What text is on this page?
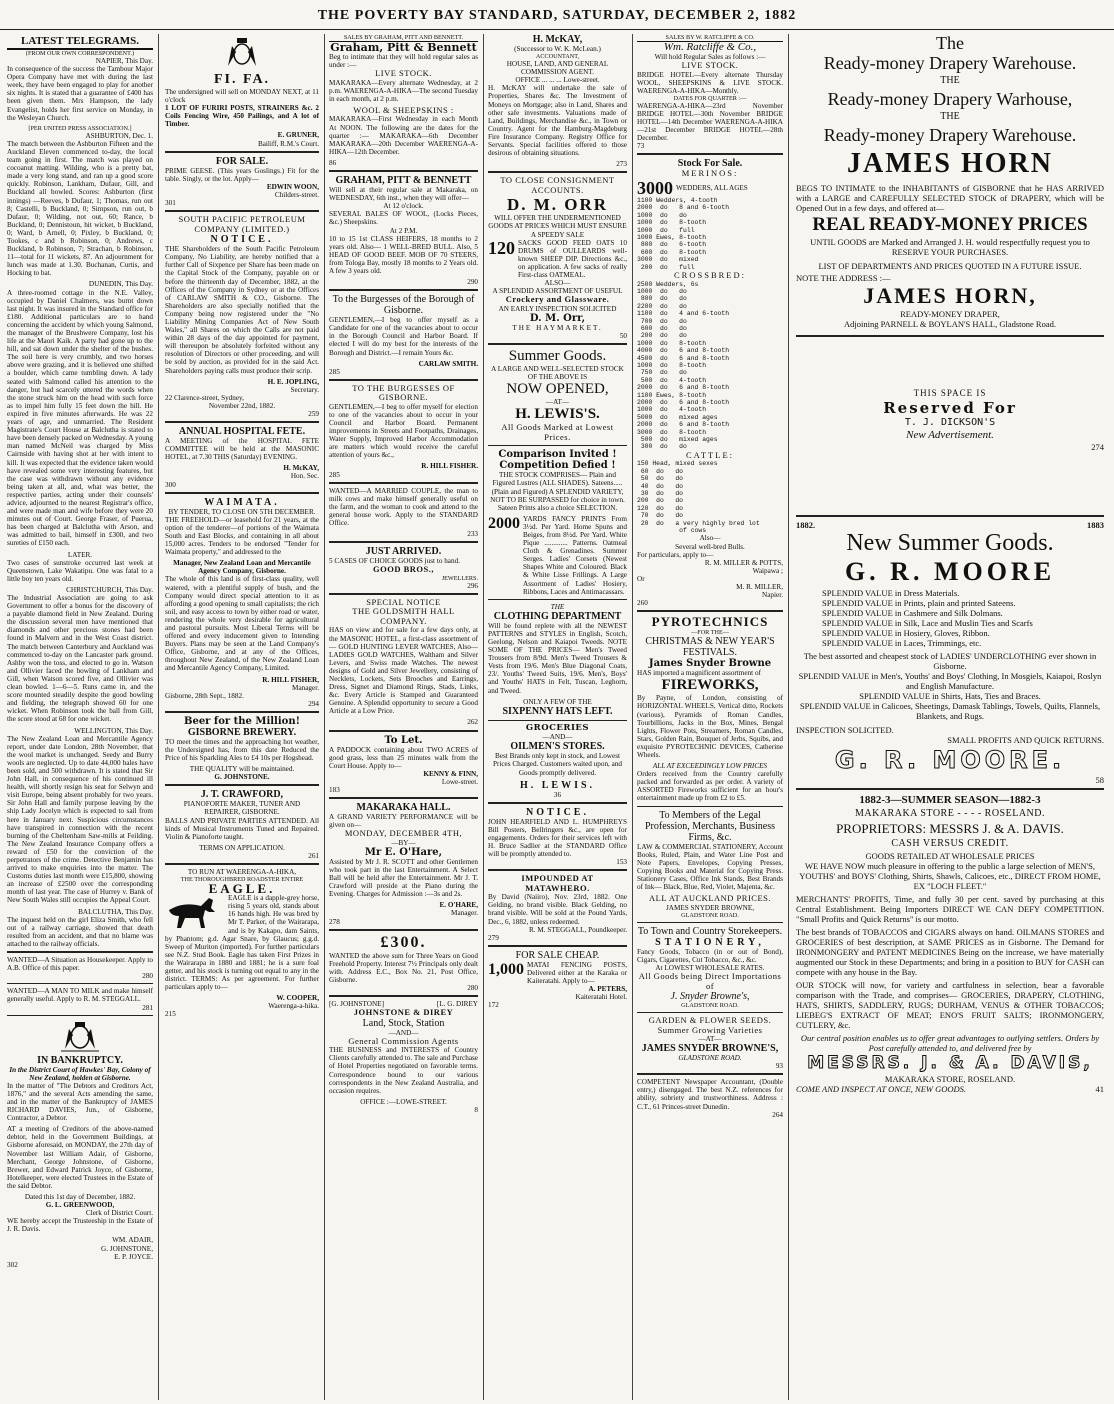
THE POVERTY BAY STANDARD, SATURDAY, DECEMBER 2, 1882
LATEST TELEGRAMS.
(FROM OUR OWN CORRESPONDENT.)
NAPIER, This Day.
In consequence of the success the Tambour Major Opera Company have met with during the last week, they have been engaged to play for another six nights. It is stated that a guarantee of £400 has been given them. Mrs Hampson, the lady Evangelist, holds her first service on Monday, in the Wesleyan Church.
[PER UNITED PRESS ASSOCIATION.]
ASHBURTON, Dec. 1.
The match between the Ashburton Fifteen and the Auckland Eleven commenced to-day, the local team going in first. The match was played on cocoanut matting. Wilding, who is a pretty bat, made a very long stand, and ran up a good score quickly. Robinson, Lankham, Dufaur, Gill, and Buckland all bowled. Scores: Ashburton (first innings) —Reeves, b Dufaur, 1; Thomas, run out 8; Castelli, b Buckland, 0; Simpson, run out, b Dufaur, 0; Wilding, not out, 60; Rance, b Buckland, 0; Dennistoun, hit wicket, b Buckland, 0; Ward, b Arnell, 0; Pixley, b Buckland, 0; Tookes, c and b Robinson, 0; Andrews, c Buckland, b Robinson, 7; Strachan, b Robinson, 11—total for 11 wickets, 87. An adjournment for lunch was made at 1.30. Buchanan, Curtis, and Hocking to bat.
DUNEDIN, This Day.
A three-roomed cottage in the N.E. Valley, occupied by Daniel Chalmers, was burnt down last night. It was insured in the Standard office for £180. Additional particulars are to hand concerning the accident by which young Salmond, the manager of the Brushwere Company, lost his life at the Maori Kaik. A party had gone up to the hill, and sat down under the shelter of the bushes. The soil here is very crumbly, and two horses above were grazing, and it is believed one shifted a boulder, which came tumbling down. A lady seated with Salmond called his attention to the danger, but had scarcely uttered the words when the stone struck him on the head with such force as to impel him fully 15 feet down the hill. He expired in five minutes afterwards. He was 22 years of age, and unmarried. The Resident Magistrate's Court House at Balclutha is stated to have been densely packed on Wednesday. A young man named McNeil was charged by Miss Cairnside with having shot at her with intent to kill. It was expected that the evidence taken would have revealed some very interesting features, but the case was withdrawn without any evidence being taken at all, and, what was better, the respective parties, acting under their counsels' advice, adjourned to the nearest Registrar's office, and were made man and wife before they were 20 minutes out of Court. George Fraser, of Puerua, has been charged at Balclutha with Arson, and was admitted to bail, himself in £300, and two sureties of £150 each.
LATER.
Two cases of sunstroke occurred last week at Queenstown, Lake Wakatipu. One was fatal to a little boy ten years old.
CHRISTCHURCH, This Day.
The Industrial Association are going to ask Government to offer a bonus for the discovery of a payable diamond field in New Zealand. During the discussion several men have mentioned that diamonds and other precious stones had been found in Malvern and in the West Coast district. The match between Canterbury and Auckland was commenced to-day on the Lancaster park ground. Ashby won the toss, and elected to go in. Watson and Ollivier faced the bowling of Lankham and Gill, when Watson scored five, and Ollivier was clean bowled. 1—6—5. Runs came in, and the score mounted steadily despite the good bowling and fielding, the telegraph showed 60 for one wicket. When Robinson took the ball from Gill, the score stood at 68 for one wicket.
WELLINGTON, This Day.
The New Zealand Loan and Mercantile Agency report, under date London, 28th November, that the wool market is unchanged. Seedy and Burry wools are neglected. Up to date 44,000 bales have been sold, and 500 withdrawn. It is stated that Sir John Hall, in consequence of his continued ill health, will shortly resign his seat for Selwyn and visit Europe, being absent probably for two years. Sir John Hall and family purpose leaving by the ship Lady Jocelyn which is expected to sail from here in January next. Suspicious circumstances have transpired in connection with the recent burning of the Cheltenham Saw-mills at Feilding. The New Zealand Insurance Company offers a reward of £50 for the conviction of the perpetrators of the crime. Detective Benjamin has arrived to make enquiries into the matter. The Customs duties last month were £15,800, showing an increase of £2500 over the corresponding month of last year. The case of Hurrey v. Bank of New South Wales still occupies the Appeal Court.
BALCLUTHA, This Day.
The inquest held on the girl Eliza Smith, who fell out of a railway carriage, showed that death resulted from an accident, and that no blame was attached to the railway officials.
WANTED—A Situation as Housekeeper. Apply to A.B. Office of this paper.
280
WANTED—A MAN TO MILK and make himself generally useful. Apply to R. M. STEGGALL.
281
IN BANKRUPTCY.
In the District Court of Hawkes' Bay, Colony of New Zealand, holden at Gisborne.
In the matter of "The Debtors and Creditors Act, 1876," and the several Acts amending the same, and in the matter of the Bankruptcy of JAMES RICHARD DAVIES, Jun., of Gisborne, Contractor, a Debtor.
AT a meeting of Creditors of the above-named debtor, held in the Government Buildings, at Gisborne aforesaid, on MONDAY, the 27th day of November last William Adair, of Gisborne, Merchant, George Johnstone, of Gisborne, Brewer, and Edward Patrick Joyce, of Gisborne, Hotelkeeper, were elected Trustees in the Estate of the said Debtor.
Dated this 1st day of December, 1882.
G. L. GREENWOOD,
Clerk of District Court.
WE hereby accept the Trusteeship in the Estate of J. R. Davis.
WM. ADAIR,
G. JOHNSTONE,
E. P. JOYCE.
302
FI. FA.
The undersigned will sell on MONDAY NEXT, at 11 o'clock
1 LOT OF FURIRI POSTS, STRAINERS &c. 2 Coils Fencing Wire, 450 Pailings, and A lot of Timber.
E. GRUNER,
Bailiff, R.M.'s Court.
FOR SALE.
PRIME GEESE. (This years Goslings.) Fit for the table. Singly, or the lot. Apply—
EDWIN WOON,
Childers-street.
301
SOUTH PACIFIC PETROLEUM COMPANY (LIMITED.)
NOTICE.
THE Shareholders of the South Pacific Petroleum Company, No Liability, are hereby notified that a further Call of Sixpence per Share has been made on the Capital Stock of the Company, payable on or before the thirteenth day of December, 1882, at the Offices of the Company in Sydney or at the Offices of CARLAW SMITH & CO., Gisborne. The Shareholders are also specially notified that the Company being now registered under the "No Liability Mining Companies Act of New South Wales," all Shares on which the Calls are not paid within 28 days of the day appointed for payment, will thereupon be absolutely forfeited without any resolution of Directors or other proceeding, and will be sold by auction, as provided for in the said Act. Shareholders paying calls must produce their scrip.
H. E. JOPLING,
Secretary.
22 Clarence-street, Sydney,
November 22nd, 1882.
259
ANNUAL HOSPITAL FETE.
A MEETING of the HOSPITAL FETE COMMITTEE will be held at the MASONIC HOTEL, at 7.30 THIS (Saturday) EVENING.
H. McKAY,
Hon. Sec.
300
WAIMATA.
BY TENDER, TO CLOSE ON 5TH DECEMBER.
THE FREEHOLD—or leasehold for 21 years, at the option of the tenderer—of portions of the Waimata South and East Blocks, and containing in all about 15,000 acres. Tenders to be endorsed "Tender for Waimata property," and addressed to the
Manager, New Zealand Loan and Mercantile Agency Company, Gisborne.
The whole of this land is of first-class quality, well watered, with a plentiful supply of bush, and the Company would direct special attention to it as affording a good opening to small capitalists; the rich soil, and easy access to town by either road or water, rendering the whole very desirable for agricultural and pastoral pursuits. Most Liberal Terms will be offered and every inducement given to Intending Buyers. Plans may be seen at the Land Company's Office, Gisborne, and at any of the Offices, throughout New Zealand, of the New Zealand Loan and Mercantile Agency Company, Limited.
R. HILL FISHER,
Manager.
Gisborne, 28th Sept., 1882.
294
Beer for the Million!
GISBORNE BREWERY.
TO meet the times and the approaching hot weather, the Undersigned has, from this date Reduced the Price of his Sparkling Ales to £4 10s per Hogshead.
THE QUALITY will be maintained.
G. JOHNSTONE.
J. T. CRAWFORD,
PIANOFORTE MAKER, TUNER AND REPAIRER, GISBORNE.
BALLS AND PRIVATE PARTIES ATTENDED. All kinds of Musical Instruments Tuned and Repaired. Violin & Pianoforte taught.
TERMS ON APPLICATION.
261
TO RUN AT WAERENGA-A-HIKA,
THE THOROUGHBRED ROADSTER ENTIRE
EAGLE.
EAGLE is a dapple-grey horse, rising 5 years old, stands about 16 hands high. He was bred by Mr T. Parker, of the Wairarapa, and is by Kakapo, dam Saints, by Phantom; g.d. Agar Snare, by Glaucus; g.g.d. Sweep of Muriton (imported). For further particulars see N.Z. Stud Book. Eagle has taken First Prizes in the Wairarapa in 1880 and 1881; he is a sure foal getter, and his stock is turning out equal to any in the district. TERMS: As per agreement. For further particulars apply to—
W. COOPER,
Waerenga-a-hika.
215
SALES BY GRAHAM, PITT AND BENNETT.
Graham, Pitt & Bennett
Beg to intimate that they will hold regular sales as under :—
LIVE STOCK.
MAKARAKA—Every alternate Wednesday, at 2 p.m. WAERENGA-A-HIKA—The second Tuesday in each month, at 2 p.m.
WOOL & SHEEPSKINS :
MAKARAKA—First Wednesday in each Month At NOON. The following are the dates for the quarter :— MAKARAKA—6th December MAKARAKA—20th December WAERENGA-A-HIKA—12th December.
86
GRAHAM, PITT & BENNETT
Will sell at their regular sale at Makaraka, on WEDNESDAY, 6th inst., when they will offer—
At 12 o'clock.
SEVERAL BALES OF WOOL, (Locks Pieces, &c.) Sheepskins.
At 2 P.M.
10 to 15 1st CLASS HEIFERS, 18 months to 2 years old. Also— 1 WELL-BRED BULL. Also, 5 HEAD OF GOOD BEEF. MOB OF 70 STEERS, from Tologa Bay, mostly 18 months to 2 Years old. A few 3 years old.
290
To the Burgesses of the Borough of Gisborne.
GENTLEMEN,—I beg to offer myself as a Candidate for one of the vacancies about to occur in the Borough Council and Harbor Board. If elected I will do my best for the interests of the Borough and District.—I remain Yours &c.
CARLAW SMITH.
285
TO THE BURGESSES OF GISBORNE.
GENTLEMEN,—I beg to offer myself for election to one of the vacancies about to occur in your Council and Harbor Board. Permanent improvements in Streets and Footpaths, Drainages, Water Supply, Improved Harbor Accommodation are matters which would receive the careful attention of yours &c.,
R. HILL FISHER.
285
WANTED—A MARRIED COUPLE, the man to milk cows and make himself generally useful on the farm, and the woman to cook and attend to the general house work. Apply to the STANDARD Office.
233
JUST ARRIVED.
5 CASES OF CHOICE GOODS just to hand.
GOOD BROS.,
JEWELLERS.
296
SPECIAL NOTICE
THE GOLDSMITH HALL COMPANY.
HAS on view and for sale for a few days only, at the MASONIC HOTEL, a first-class assortment of— GOLD HUNTING LEVER WATCHES, Also— LADIES GOLD WATCHES, Waltham and Silver Levers, and Swiss made Watches. The newest designs of Gold and Silver Jewellery, consisting of Necklets, Lockets, Sets Brooches and Earrings, Dress, Signet and Diamond Rings, Stads, Links, &c. Every Article is Stamped and Guaranteed Genuine. A Splendid opportunity to secure a Good Article at a Low Price.
262
To Let.
A PADDOCK containing about TWO ACRES of good grass, less than 25 minutes walk from the Court House. Apply to—
KENNY & FINN,
Lowe-street.
183
MAKARAKA HALL.
A GRAND VARIETY PERFORMANCE will be given on—
MONDAY, DECEMBER 4TH,
—BY—
Mr E. O'Hare,
Assisted by Mr J. R. SCOTT and other Gentlemen who took part in the last Entertainment. A Select Ball will be held after the Entertainment. Mr J. T. Crawford will preside at the Piano during the Evening. Charges for Admission :—3s and 2s.
E. O'HARE,
Manager.
278
£300.
WANTED the above sum for Three Years on Good Freehold Property. Interest 7½ Principals only dealt with. Address E.C., Box No. 21, Post Office, Gisborne.
280
[G. JOHNSTONE]	[L. G. DIREY
JOHNSTONE & DIREY
Land, Stock, Station
—AND—
General Commission Agents
THE BUSINESS and INTERESTS of Country Clients carefully attended to. The sale and Purchase of Hotel Properties negotiated on favorable terms. Correspondence bound to our various correspondents in the New Zealand Australia, and occasion requires.
OFFICE :—LOWE-STREET.
8
H. McKAY,
(Successor to W. K. McLean.)
ACCOUNTANT,
HOUSE, LAND, AND GENERAL COMMISSION AGENT.
OFFICE ... ... ... Lowe-street.
H. McKAY will undertake the sale of Properties, Shares &c. The Investment of Moneys on Mortgage; also in Land, Shares and other safe investments. Valuations made of Land, Buildings, Merchandise &c., in Town or Country. Agent for the Hamburg-Magdeburg Fire Insurance Company. Registry Office for Servants. Special facilities offered to those desirous of obtaining situations.
273
TO CLOSE CONSIGNMENT ACCOUNTS.
D. M. ORR
WILL OFFER THE UNDERMENTIONED GOODS AT PRICES WHICH MUST ENSURE A SPEEDY SALE
120 SACKS GOOD FEED OATS 10 DRUMS of OULLEARDS well-known SHEEP DIP. Directions &c., on application. A few sacks of really First-class OATMEAL.
ALSO—
A SPLENDID ASSORTMENT OF USEFUL
Crockery and Glassware.
AN EARLY INSPECTION SOLICITED
D. M. Orr,
THE HAYMARKET.
50
Summer Goods.
A LARGE AND WELL-SELECTED STOCK OF THE ABOVE IS
NOW OPENED,
—AT—
H. LEWIS'S.
All Goods Marked at Lowest Prices.
Comparison Invited !
Competition Defied !
THE STOCK COMPRISES— Plain and Figured Lustres (ALL SHADES). Sateens.....(Plain and Figured) A SPLENDID VARIETY, NOT TO BE SURPASSED for choice in town. Sateen Prints also a choice SELECTION.
2000 YARDS FANCY PRINTS From 3½d. Per Yard. Home Spuns and Beiges, from 8½d. Per Yard. White Pique ............. Patterns. Oatmeal Cloth & Grenadines. Summer Serges. Ladies' Corsets (Newest Shapes White and Coloured. Black & White Lisse Frillings. A Large Assortment of Ladies' Hosiery, Ribbons, Laces and Antimacassars.
THE
CLOTHING DEPARTMENT
Will be found replete with all the NEWEST PATTERNS and STYLES in English, Scotch, Geelong, Nelson and Kaiapoi Tweeds. NOTE SOME OF THE PRICES— Men's Tweed Trousers from 8/9d. Men's Tweed Trousers & Vests from 19/6. Men's Blue Diagonal Coats, 23/. Youths' Tweed Suits, 19/6. Men's, Boys' and Youths' HATS in Felt, Tuscan, Leghorn, and Tweed.
ONLY A FEW OF THE
SIXPENNY HATS LEFT.
GROCERIES
—AND—
OILMEN'S STORES.
Best Brands only kept in stock, and Lowest Prices Charged. Customers waited upon, and Goods promptly delivered.
H. LEWIS.
36
NOTICE.
JOHN HEARFIELD AND L. HUMPHREYS Bill Posters, Bellringers &c., are open for engagements. Orders for their services left with H. Bruce Sadlier at the STANDARD Office will be promptly attended to.
153
IMPOUNDED AT MATAWHERO.
By David (Naiiro), Nov. 23rd, 1882. One Gelding, no brand visible. Black Gelding, no brand visible. Will be sold at the Pound Yards, Dec., 6, 1882, unless redeemed.
R. M. STEGGALL, Poundkeeper.
279
FOR SALE CHEAP.
1,000 MATAI FENCING POSTS, Delivered either at the Karaka or Kaiteratahi. Apply to—
A. PETERS,
Kaiteratahi Hotel.
172
SALES BY W. RATCLIFFE & CO.
Wm. Ratcliffe & Co.,
Will hold Regular Sales as follows :—
LIVE STOCK.
BRIDGE HOTEL—Every alternate Thursday WOOL, SHEEPSKINS & LIVE STOCK. WAERENGA-A-HIKA—Monthly.
DATES FOR QUARTER :—
WAERENGA-A-HIKA—23rd November BRIDGE HOTEL—30th November BRIDGE HOTEL—14th December WAERENGA-A-HIKA—21st December BRIDGE HOTEL—28th December.
73
Stock For Sale.
MERINOS:
3000 WEDDERS, ALL AGES
1100 Wedders, 4-tooth
2000  do   8 and 6-tooth
1000  do   do
1000  do   8-tooth
1000  do   full
1000 Ewes, 8-tooth
800  do   6-tooth
600  do   8-tooth
3000  do   mixed
200  do   full
CROSSBRED:
2500 Wedders, 6s
1000  do   do
800  do   do
2200  do   do
1100  do   4 and 6-tooth
700  do   do
600  do   do
200  do   do
1000  do   8-tooth
4000  do   6 and 8-tooth
4500  do   6 and 8-tooth
1000  do   8-tooth
750  do   do
500  do   4-tooth
2000  do   6 and 8-tooth
1100 Ewes, 8-tooth
2000  do   6 and 8-tooth
1000  do   4-tooth
5000  do   mixed ages
2000  do   6 and 8-tooth
3000  do   8-tooth
500  do   mixed ages
300  do   do
CATTLE:
150 Head, mixed sexes
60  do   do
50  do   do
40  do   do
30  do   do
200  do   do
120  do   do
70  do   do
20  do   a very highly bred lot
of cows
Also—
Several well-bred Bulls.
For particulars, apply to—
R. M. MILLER & POTTS,
Waipawa ;
Or
M. R. MILLER,
Napier.
260
PYROTECHNICS
—FOR THE—
CHRISTMAS & NEW YEAR'S FESTIVALS.
James Snyder Browne
HAS imported a magnificent assortment of
FIREWORKS,
By Payne, of London, consisting of HORIZONTAL WHEELS, Vertical ditto, Rockets (various), Pyramids of Roman Candles, Tourbillions, Jacks in the Box, Mines, Bengal Lights, Flower Pots, Streamers, Roman Candles, Stars, Golden Rain, Bouquet of Jerbs, Squibs, and exquisite PYROTECHNIC DEVICES, Catherine Wheels.
ALL AT EXCEEDINGLY LOW PRICES
Orders received from the Country carefully packed and forwarded as per order. A variety of ASSORTED Fireworks sufficient for an hour's entertainment made up from £2 to £5.
To Members of the Legal Profession, Merchants, Business Firms, &c.
LAW & COMMERCIAL STATIONERY, Account Books, Ruled, Plain, and Water Line Post and Note Papers, Envelopes, Copying Presses, Copying Books and Material for Copying Press. Stationery Cases, Office Ink Stands, Best Brands of Ink— Black, Blue, Red, Violet, Majenta, &c.
ALL AT AUCKLAND PRICES.
JAMES SNYDER BROWNE,
GLADSTONE ROAD.
To Town and Country Storekeepers.
STATIONERY,
Fancy Goods, Tobacco (in or out of Bond), Cigars, Cigarettes, Cut Tobacco, &c., &c.
At LOWEST WHOLESALE RATES.
All Goods being Direct Importations of
J. Snyder Browne's,
GLADSTONE ROAD.
GARDEN & FLOWER SEEDS.
Summer Growing Varieties
—AT—
JAMES SNYDER BROWNE'S,
GLADSTONE ROAD.
93
COMPETENT Newspaper Accountant, (Double entry,) disengaged. The best N.Z. references for ability, sobriety and trustworthiness. Address : C.T., 61 Princes-street Dunedin.
264
The
Ready-money Drapery Warehouse.
THE
Ready-money Drapery Warhouse,
THE
Ready-money Drapery Warehouse.
JAMES HORN
BEGS TO INTIMATE to the INHABITANTS of GISBORNE that he HAS ARRIVED with a LARGE and CAREFULLY SELECTED STOCK of DRAPERY, which will be Opened Out in a few days, and offered at—
REAL READY-MONEY PRICES
UNTIL GOODS are Marked and Arranged J. H. would respectfully request you to RESERVE YOUR PURCHASES.
LIST OF DEPARTMENTS AND PRICES QUOTED IN A FUTURE ISSUE.
NOTE THE ADDRESS :—
JAMES HORN,
READY-MONEY DRAPER,
Adjoining PARNELL & BOYLAN'S HALL, Gladstone Road.
THIS SPACE IS
Reserved For
T. J. DICKSON'S
New Advertisement.
274
1882.	1883
New Summer Goods.
G. R. MOORE
SPLENDID VALUE in Dress Materials.
SPLENDID VALUE in Prints, plain and printed Sateens.
SPLENDID VALUE in Cashmere and Silk Dolmans.
SPLENDID VALUE in Silk, Lace and Muslin Ties and Scarfs
SPLENDID VALUE in Hosiery, Gloves, Ribbon.
SPLENDID VALUE in Laces, Trimmings, etc.
The best assorted and cheapest stock of LADIES' UNDERCLOTHING ever shown in Gisborne.
SPLENDID VALUE in Men's, Youths' and Boys' Clothing, In Mosgiels, Kaiapoi, Roslyn and English Manufacture.
SPLENDID VALUE in Shirts, Hats, Ties and Braces.
SPLENDID VALUE in Calicoes, Sheetings, Damask Tablings, Towels, Quilts, Flannels, Blankets, and Rugs.
INSPECTION SOLICITED.
SMALL PROFITS AND QUICK RETURNS.
G. R. MOORE.
58
1882-3—SUMMER SEASON—1882-3
MAKARAKA STORE - - - - ROSELAND.
PROPRIETORS: MESSRS J. & A. DAVIS.
CASH VERSUS CREDIT.
GOODS RETAILED AT WHOLESALE PRICES
WE HAVE NOW much pleasure in offering to the public a large selection of MEN'S, YOUTHS' and BOYS' Clothing, Shirts, Shawls, Calicoes, etc., DIRECT FROM HOME, EX "LOCH FLEET."
MERCHANTS' PROFITS, Time, and fully 30 per cent. saved by purchasing at this Central Establishment. Being Importers DIRECT WE CAN DEFY COMPETITION. "Small Profits and Quick Returns" is our motto.
The best brands of TOBACCOS and CIGARS always on hand. OILMANS STORES and GROCERIES of best description, at SAME PRICES as in Gisborne. The Demand for IRONMONGERY and PATENT MEDICINES Being on the increase, we have materially augmented our Stock in these Departments; and bring in a position to BUY for CASH can compete with any house in the Bay.
OUR STOCK will now, for variety and cartfulness in selection, bear a favorable comparison with the Trade, and comprises— GROCERIES, DRAPERY, CLOTHING, HATS, SHIRTS, SADDLERY, RUGS; DURHAM, VENUS & OTHER TOBACCOS; LIEBEG'S EXTRACT OF MEAT; ENO'S FRUIT SALTS; IRONMONGERY, CUTLERY, &c.
Our central position enables us to offer great advantages to outlying settlers. Orders by Post carefully attended to, and delivered free by
MESSRS. J. & A. DAVIS,
MAKARAKA STORE, ROSELAND.
COME AND INSPECT AT ONCE, NEW GOODS.	41
